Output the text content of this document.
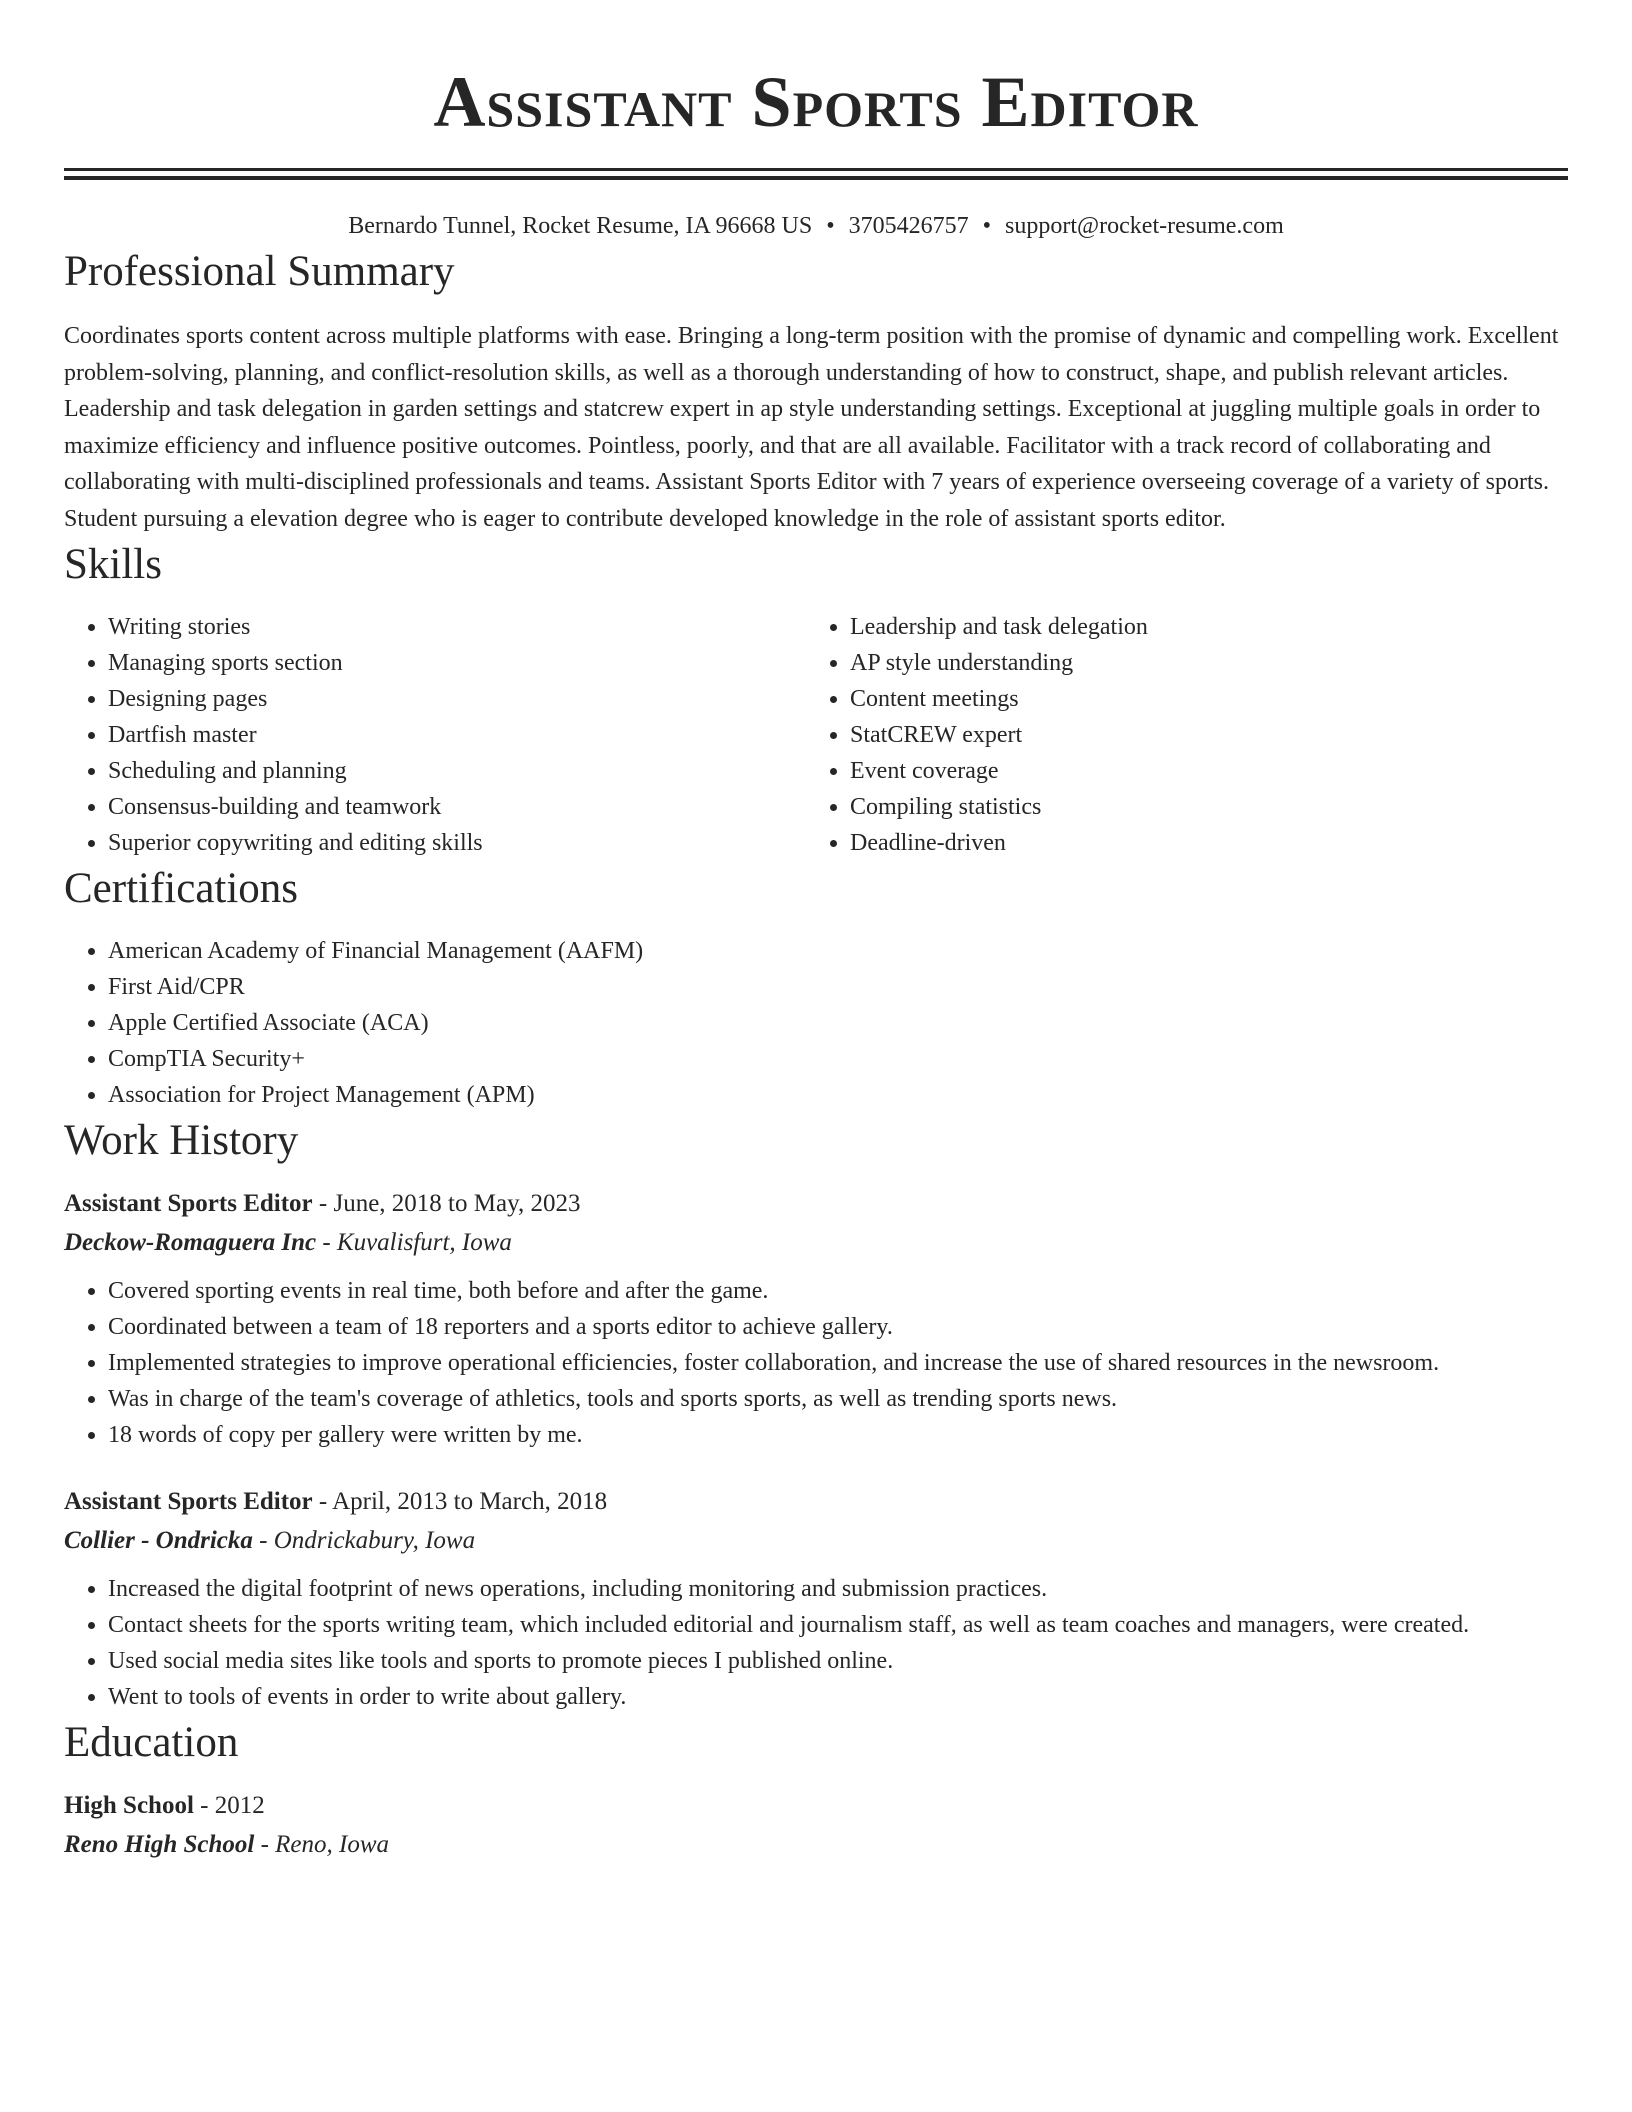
Assistant Sports Editor
Bernardo Tunnel, Rocket Resume, IA 96668 US • 3705426757 • support@rocket-resume.com
Professional Summary

Coordinates sports content across multiple platforms with ease. Bringing a long-term position with the promise of dynamic and compelling work. Excellent problem-solving, planning, and conflict-resolution skills, as well as a thorough understanding of how to construct, shape, and publish relevant articles. Leadership and task delegation in garden settings and statcrew expert in ap style understanding settings. Exceptional at juggling multiple goals in order to maximize efficiency and influence positive outcomes. Pointless, poorly, and that are all available. Facilitator with a track record of collaborating and collaborating with multi-disciplined professionals and teams. Assistant Sports Editor with 7 years of experience overseeing coverage of a variety of sports. Student pursuing a elevation degree who is eager to contribute developed knowledge in the role of assistant sports editor.

Skills
• Writing stories
• Managing sports section
• Designing pages
• Dartfish master
• Scheduling and planning
• Consensus-building and teamwork
• Superior copywriting and editing skills
• Leadership and task delegation
• AP style understanding
• Content meetings
• StatCREW expert
• Event coverage
• Compiling statistics
• Deadline-driven
Certifications
• American Academy of Financial Management (AAFM)
• First Aid/CPR
• Apple Certified Associate (ACA)
• CompTIA Security+
• Association for Project Management (APM)
Work History
Assistant Sports Editor - June, 2018 to May, 2023
Deckow-Romaguera Inc - Kuvalisfurt, Iowa
• Covered sporting events in real time, both before and after the game.
• Coordinated between a team of 18 reporters and a sports editor to achieve gallery.
• Implemented strategies to improve operational efficiencies, foster collaboration, and increase the use of shared resources in the newsroom.
• Was in charge of the team's coverage of athletics, tools and sports sports, as well as trending sports news.
• 18 words of copy per gallery were written by me.
Assistant Sports Editor - April, 2013 to March, 2018
Collier - Ondricka - Ondrickabury, Iowa
• Increased the digital footprint of news operations, including monitoring and submission practices.
• Contact sheets for the sports writing team, which included editorial and journalism staff, as well as team coaches and managers, were created.
• Used social media sites like tools and sports to promote pieces I published online.
• Went to tools of events in order to write about gallery.
Education
High School - 2012
Reno High School - Reno, Iowa
